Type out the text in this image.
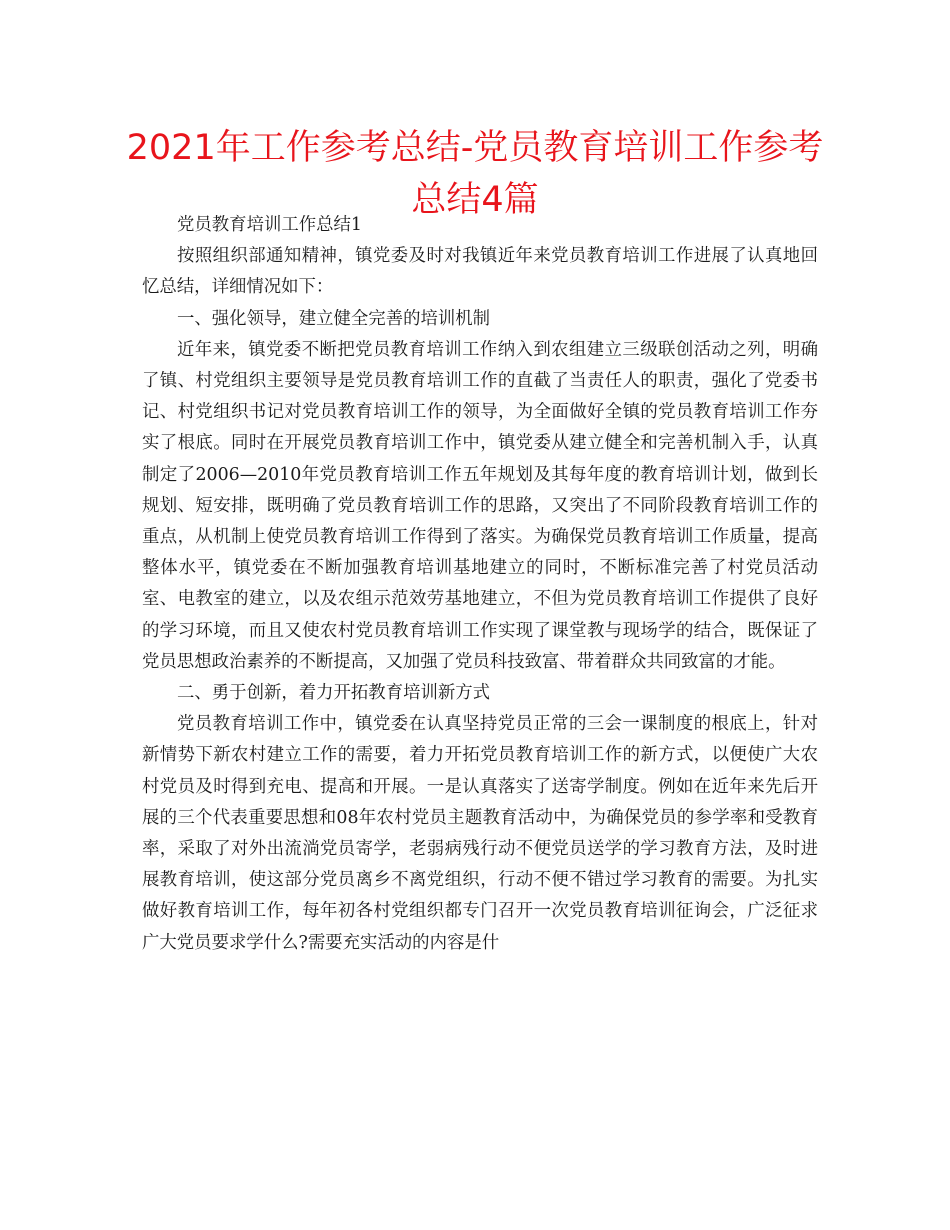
2021年工作参考总结-党员教育培训工作参考总结4篇

党员教育培训工作总结1

按照组织部通知精神，镇党委及时对我镇近年来党员教育培训工作进展了认真地回忆总结，详细情况如下：

一、强化领导，建立健全完善的培训机制

近年来，镇党委不断把党员教育培训工作纳入到农组建立三级联创活动之列，明确了镇、村党组织主要领导是党员教育培训工作的直截了当责任人的职责，强化了党委书记、村党组织书记对党员教育培训工作的领导，为全面做好全镇的党员教育培训工作夯实了根底。同时在开展党员教育培训工作中，镇党委从建立健全和完善机制入手，认真制定了2006—2010年党员教育培训工作五年规划及其每年度的教育培训计划，做到长规划、短安排，既明确了党员教育培训工作的思路，又突出了不同阶段教育培训工作的重点，从机制上使党员教育培训工作得到了落实。为确保党员教育培训工作质量，提高整体水平，镇党委在不断加强教育培训基地建立的同时，不断标准完善了村党员活动室、电教室的建立，以及农组示范效劳基地建立，不但为党员教育培训工作提供了良好的学习环境，而且又使农村党员教育培训工作实现了课堂教与现场学的结合，既保证了党员思想政治素养的不断提高，又加强了党员科技致富、带着群众共同致富的才能。

二、勇于创新，着力开拓教育培训新方式

党员教育培训工作中，镇党委在认真坚持党员正常的三会一课制度的根底上，针对新情势下新农村建立工作的需要，着力开拓党员教育培训工作的新方式，以便使广大农村党员及时得到充电、提高和开展。一是认真落实了送寄学制度。例如在近年来先后开展的三个代表重要思想和08年农村党员主题教育活动中，为确保党员的参学率和受教育率，采取了对外出流淌党员寄学，老弱病残行动不便党员送学的学习教育方法，及时进展教育培训，使这部分党员离乡不离党组织，行动不便不错过学习教育的需要。为扎实做好教育培训工作，每年初各村党组织都专门召开一次党员教育培训征询会，广泛征求广大党员要求学什么?需要充实活动的内容是什
